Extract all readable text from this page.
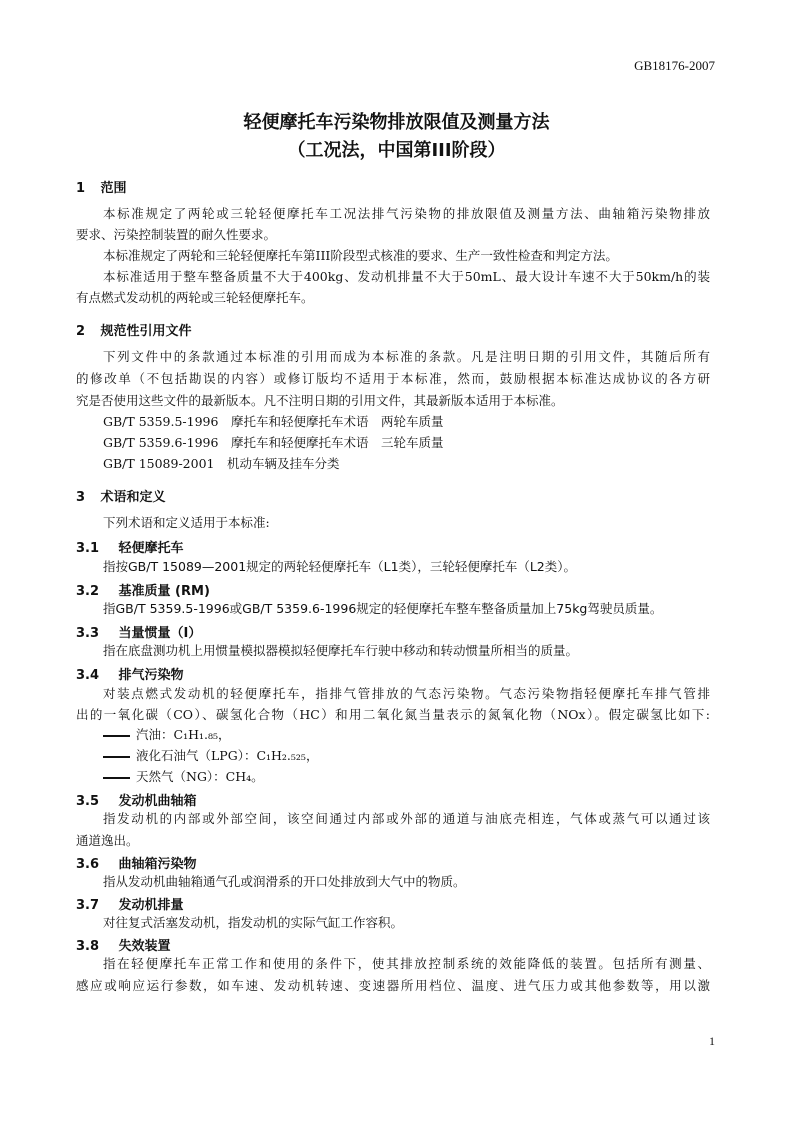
GB18176-2007
轻便摩托车污染物排放限值及测量方法
（工况法，中国第III阶段）
1 范围
本标准规定了两轮或三轮轻便摩托车工况法排气污染物的排放限值及测量方法、曲轴箱污染物排放
要求、污染控制装置的耐久性要求。
本标准规定了两轮和三轮轻便摩托车第III阶段型式核准的要求、生产一致性检查和判定方法。
本标准适用于整车整备质量不大于400kg、发动机排量不大于50mL、最大设计车速不大于50km/h的装
有点燃式发动机的两轮或三轮轻便摩托车。
2 规范性引用文件
下列文件中的条款通过本标准的引用而成为本标准的条款。凡是注明日期的引用文件，其随后所有
的修改单（不包括勘误的内容）或修订版均不适用于本标准，然而，鼓励根据本标准达成协议的各方研
究是否使用这些文件的最新版本。凡不注明日期的引用文件，其最新版本适用于本标准。
GB/T 5359.5-1996　摩托车和轻便摩托车术语　两轮车质量
GB/T 5359.6-1996　摩托车和轻便摩托车术语　三轮车质量
GB/T 15089-2001　机动车辆及挂车分类
3 术语和定义
下列术语和定义适用于本标准:
3.1 轻便摩托车
指按GB/T 15089—2001规定的两轮轻便摩托车（L1类），三轮轻便摩托车（L2类）。
3.2 基准质量 (RM)
指GB/T 5359.5-1996或GB/T 5359.6-1996规定的轻便摩托车整车整备质量加上75kg驾驶员质量。
3.3 当量惯量（I）
指在底盘测功机上用惯量模拟器模拟轻便摩托车行驶中移动和转动惯量所相当的质量。
3.4 排气污染物
对装点燃式发动机的轻便摩托车，指排气管排放的气态污染物。气态污染物指轻便摩托车排气管排
出的一氧化碳（CO）、碳氢化合物（HC）和用二氧化氮当量表示的氮氧化物（NOx）。假定碳氢比如下:
汽油：C₁H₁.₈₅，
液化石油气（LPG）：C₁H₂.₅₂₅，
天然气（NG）：CH₄。
3.5 发动机曲轴箱
指发动机的内部或外部空间，该空间通过内部或外部的通道与油底壳相连，气体或蒸气可以通过该
通道逸出。
3.6 曲轴箱污染物
指从发动机曲轴箱通气孔或润滑系的开口处排放到大气中的物质。
3.7 发动机排量
对往复式活塞发动机，指发动机的实际气缸工作容积。
3.8 失效装置
指在轻便摩托车正常工作和使用的条件下，使其排放控制系统的效能降低的装置。包括所有测量、
感应或响应运行参数，如车速、发动机转速、变速器所用档位、温度、进气压力或其他参数等，用以激
1
